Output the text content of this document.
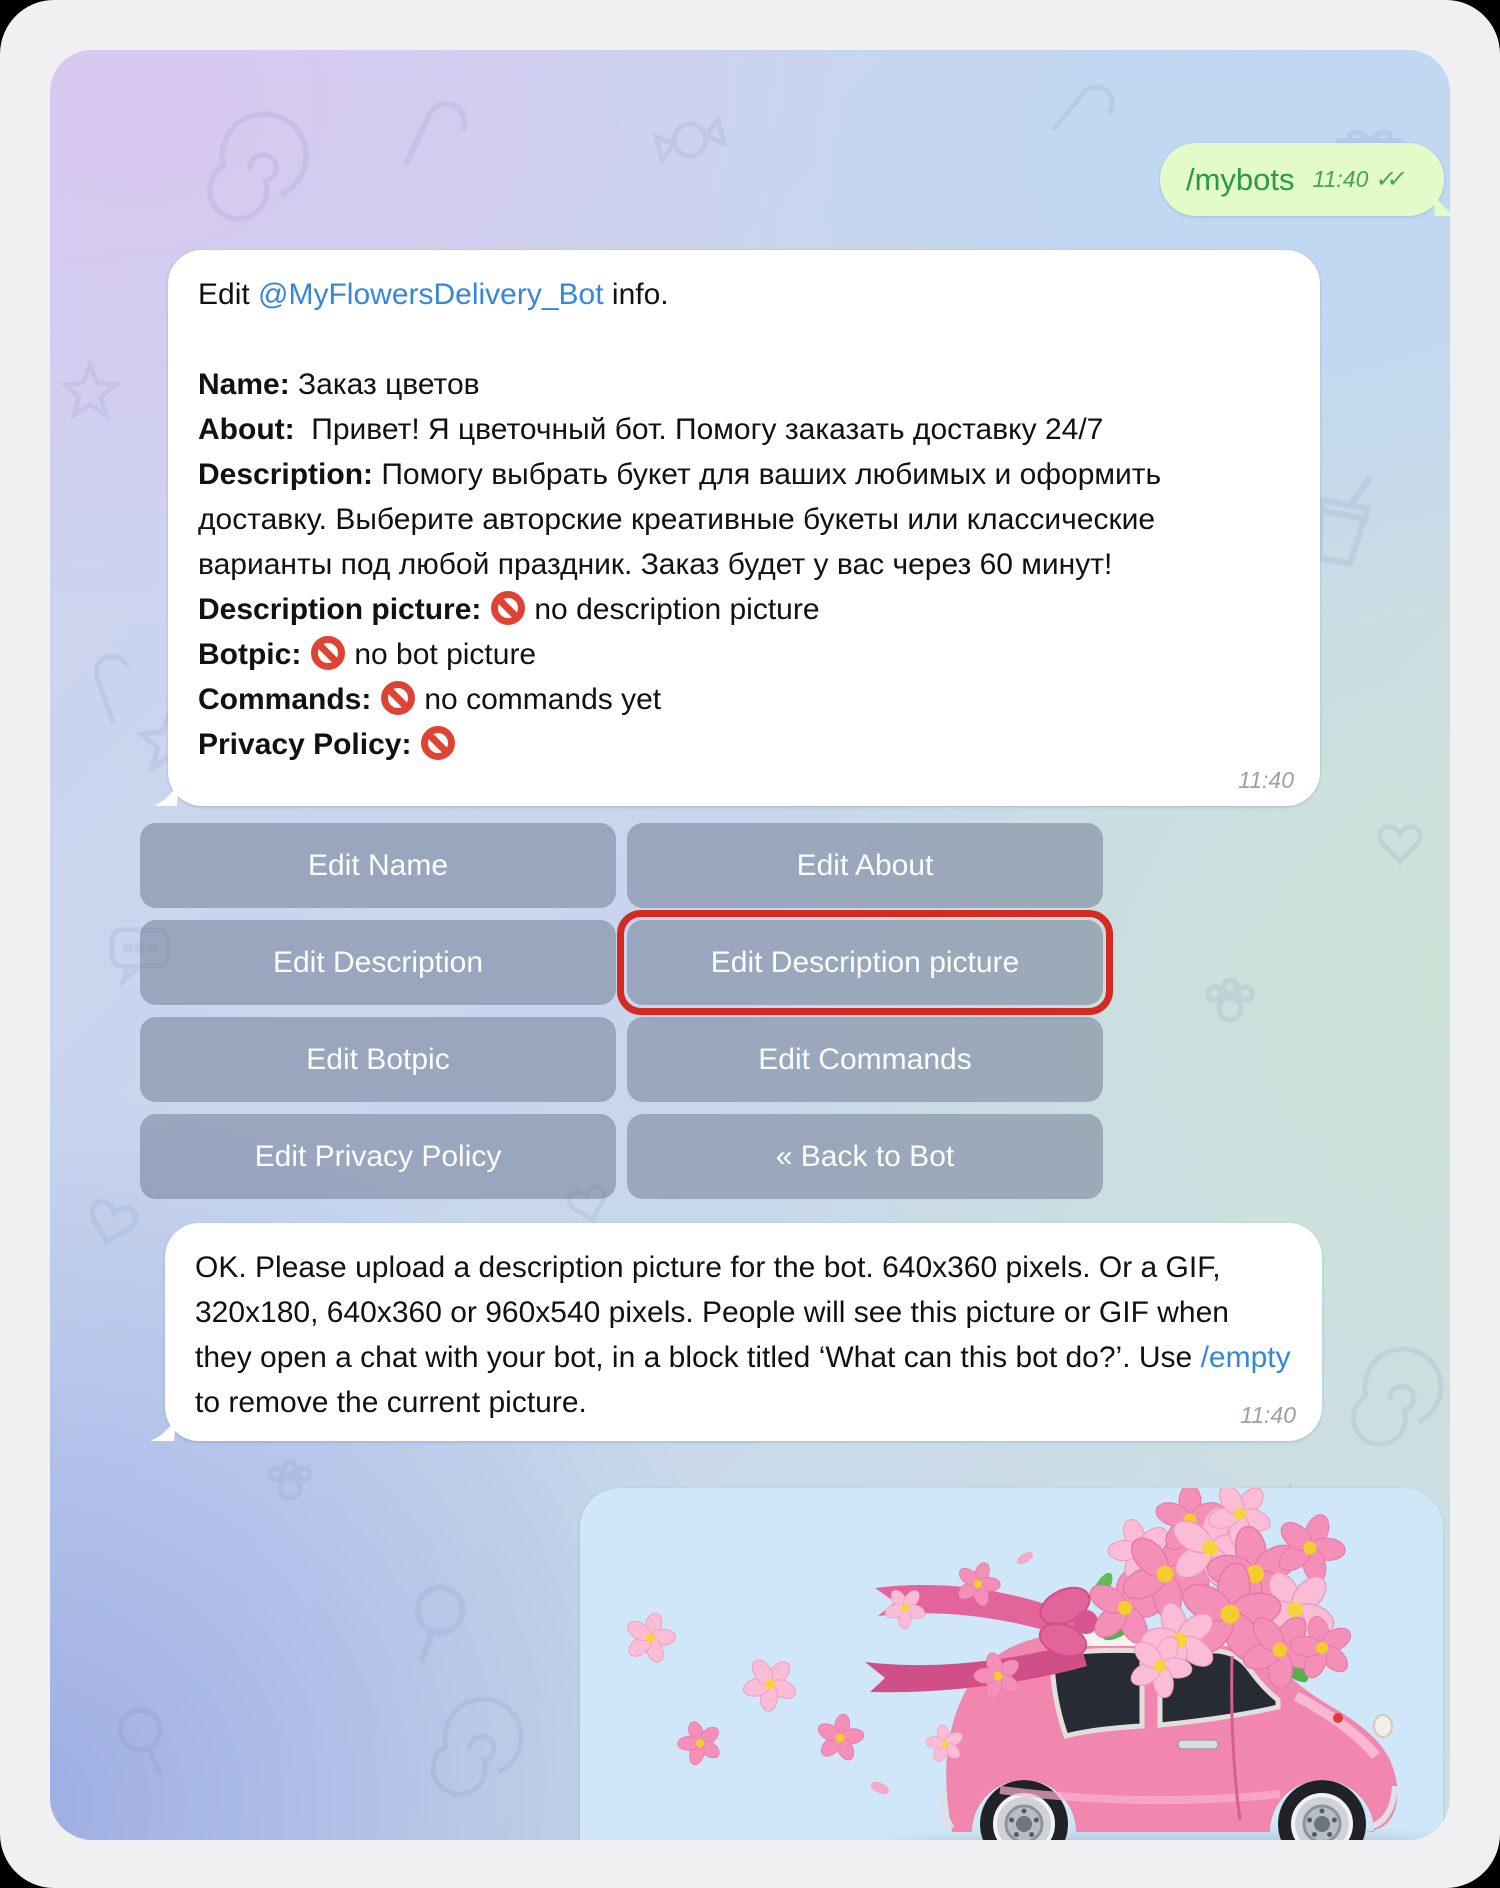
/mybots 11:40 ✓✓

Edit @MyFlowersDelivery_Bot info.

Name: Заказ цветов

About:  Привет! Я цветочный бот. Помогу заказать доставку 24/7

Description: Помогу выбрать букет для ваших любимых и оформить доставку. Выберите авторские креативные букеты или классические варианты под любой праздник. Заказ будет у вас через 60 минут!

Description picture: no description picture

Botpic: no bot picture

Commands: no commands yet

Privacy Policy:

11:40
Edit Name	Edit About
Edit Description	Edit Description picture
Edit Botpic	Edit Commands
Edit Privacy Policy	« Back to Bot

OK. Please upload a description picture for the bot. 640x360 pixels. Or a GIF, 320x180, 640x360 or 960x540 pixels. People will see this picture or GIF when they open a chat with your bot, in a block titled ‘What can this bot do?’. Use /empty to remove the current picture.	11:40
